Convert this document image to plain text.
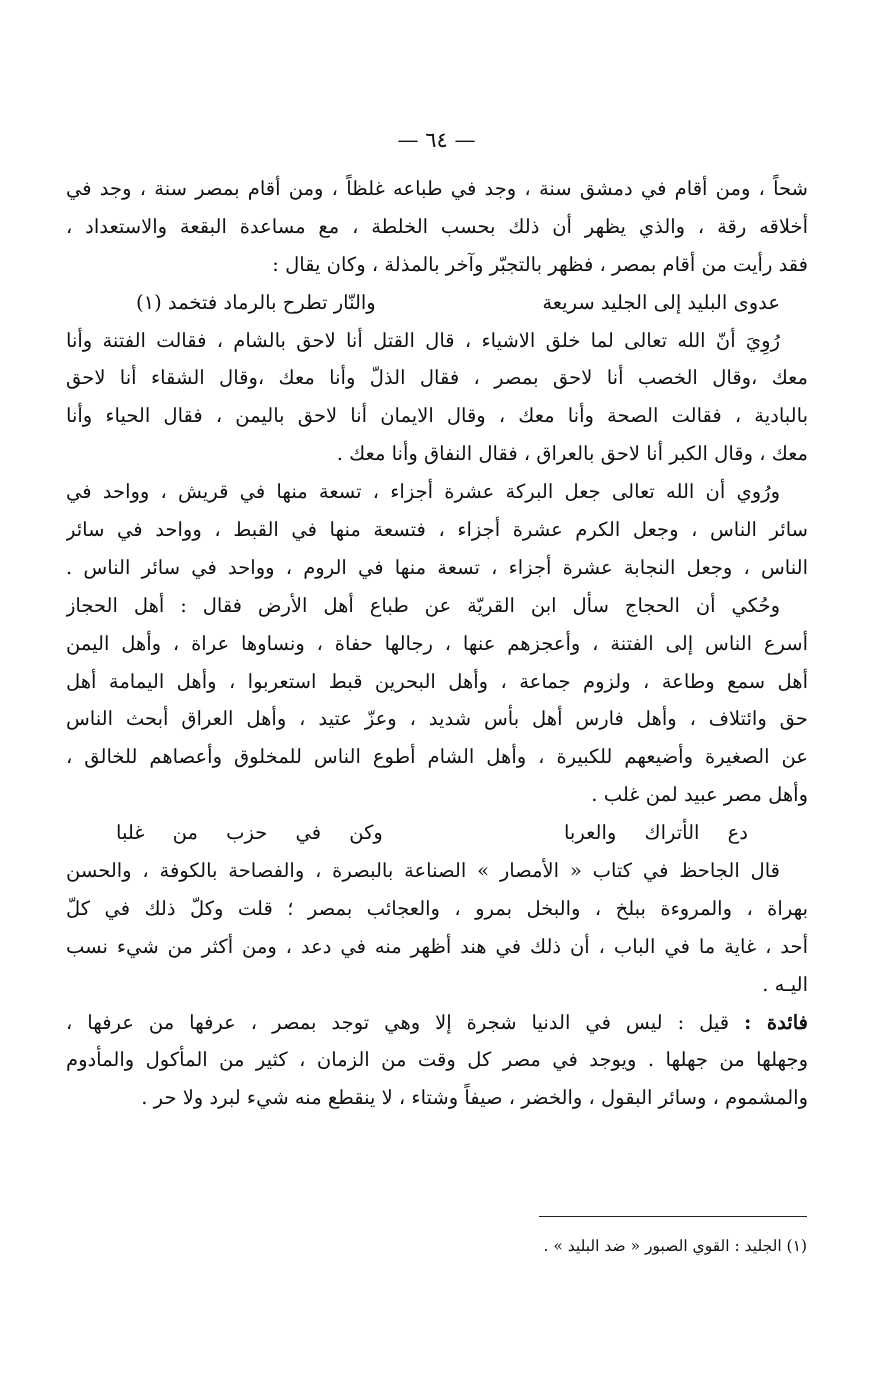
— ٦٤ —

شحاً ، ومن أقام في دمشق سنة ، وجد في طباعه غلظاً ، ومن أقام بمصر سنة ، وجد في

أخلاقه رقة ، والذي يظهر أن ذلك بحسب الخلطة ، مع مساعدة البقعة والاستعداد ،

فقد رأيت من أقام بمصر ، فظهر بالتجبّر وآخر بالمذلة ، وكان يقال :

عدوى البليد إلى الجليد سريعة
والنّار تطرح بالرماد فتخمد (١)

رُوِيَ أنّ الله تعالى لما خلق الاشياء ، قال القتل أنا لاحق بالشام ، فقالت الفتنة وأنا

معك ،وقال الخصب أنا لاحق بمصر ، فقال الذلّ وأنا معك ،وقال الشقاء أنا لاحق

بالبادية ، فقالت الصحة وأنا معك ، وقال الايمان أنا لاحق باليمن ، فقال الحياء وأنا

معك ، وقال الكبر أنا لاحق بالعراق ، فقال النفاق وأنا معك .

ورُوي أن الله تعالى جعل البركة عشرة أجزاء ، تسعة منها في قريش ، وواحد في

سائر الناس ، وجعل الكرم عشرة أجزاء ، فتسعة منها في القبط ، وواحد في سائر

الناس ، وجعل النجابة عشرة أجزاء ، تسعة منها في الروم ، وواحد في سائر الناس .

وحُكي أن الحجاج سأل ابن القريّة عن طباع أهل الأرض فقال : أهل الحجاز

أسرع الناس إلى الفتنة ، وأعجزهم عنها ، رجالها حفاة ، ونساوها عراة ، وأهل اليمن

أهل سمع وطاعة ، ولزوم جماعة ، وأهل البحرين قبط استعربوا ، وأهل اليمامة أهل

حق وائتلاف ، وأهل فارس أهل بأس شديد ، وعزّ عتيد ، وأهل العراق أبحث الناس

عن الصغيرة وأضيعهم للكبيرة ، وأهل الشام أطوع الناس للمخلوق وأعصاهم للخالق ،

وأهل مصر عبيد لمن غلب .

دع الأتراك والعربا
وكن في حزب من غلبا

قال الجاحظ في كتاب « الأمصار » الصناعة بالبصرة ، والفصاحة بالكوفة ، والحسن

بهراة ، والمروءة ببلخ ، والبخل بمرو ، والعجائب بمصر ؛ قلت وكلّ ذلك في كلّ

أحد ، غاية ما في الباب ، أن ذلك في هند أظهر منه في دعد ، ومن أكثر من شيء نسب

اليـه .

فائدة : قيل : ليس في الدنيا شجرة إلا وهي توجد بمصر ، عرفها من عرفها ،

وجهلها من جهلها . ويوجد في مصر كل وقت من الزمان ، كثير من المأكول والمأدوم

والمشموم ، وسائر البقول ، والخضر ، صيفاً وشتاء ، لا ينقطع منه شيء لبرد ولا حر .

(١) الجليد : القوي الصبور « ضد البليد » .
